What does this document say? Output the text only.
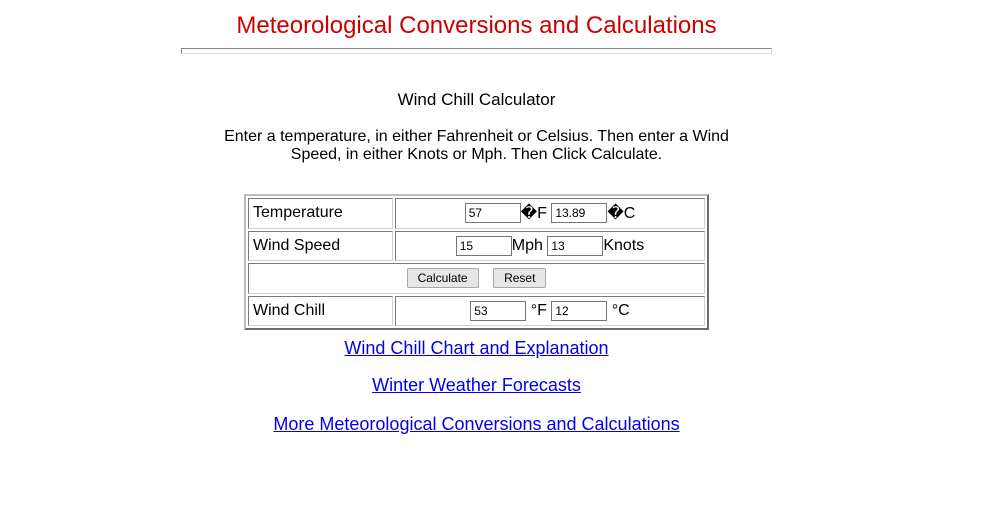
Meteorological Conversions and Calculations
Wind Chill Calculator

Enter a temperature, in either Fahrenheit or Celsius. Then enter a Wind Speed, in either Knots or Mph. Then Click Calculate.

Temperature	57�F 13.89 �C
Wind Speed	15Mph 13 Knots
Calculate Reset	
Wind Chill	53°F 12 °C
Wind Chill Chart and Explanation
Winter Weather Forecasts
More Meteorological Conversions and Calculations
